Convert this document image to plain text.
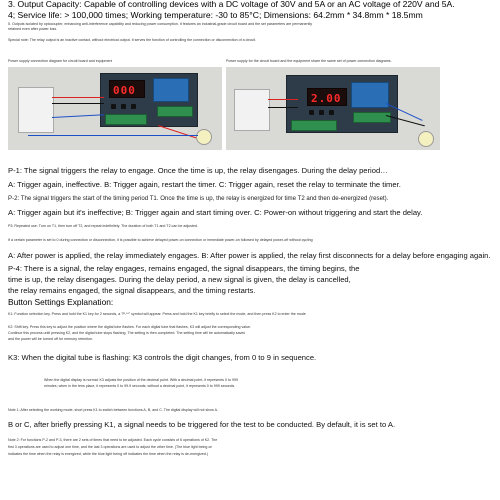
3. Output Capacity: Capable of controlling devices with a DC voltage of 30V and 5A or an AC voltage of 220V and 5A.
4; Service life: > 100,000 times; Working temperature: -30 to 85°C; Dimensions: 64.2mm * 34.8mm * 18.5mm
5. Outputs isolated by optocoupler, enhancing anti-interference capability and reducing power consumption. It features an industrial-grade circuit board and the set parameters are permanently
retained even after power loss.
Special note: The relay output is an inactive contact, without electrical output. It serves the function of controlling the connection or disconnection of a circuit.
Power supply connection diagram for circuit board and equipment	Power supply for the circuit board and the equipment share the same set of power connection diagrams.
000
2.00
P-1: The signal triggers the relay to engage. Once the time is up, the relay disengages. During the delay period…
A: Trigger again, ineffective. B: Trigger again, restart the timer. C: Trigger again, reset the relay to terminate the timer.
P-2: The signal triggers the start of the timing period T1. Once the time is up, the relay is energized for time T2 and then de-energized (reset).
A: Trigger again but it's ineffective; B: Trigger again and start timing over. C: Power-on without triggering and start the delay.
P3: Repeated use: Turn on T1, then turn off T2, and repeat indefinitely. The duration of both T1 and T2 can be adjusted.
If a certain parameter is set to 0 during connection or disconnection, it is possible to achieve delayed power-on connection or immediate power-on followed by delayed power-off without cycling
A: After power is applied, the relay immediately engages. B: After power is applied, the relay first disconnects for a delay before engaging again.
P-4: There is a signal, the relay engages, remains engaged, the signal disappears, the timing begins, the
time is up, the relay disengages. During the delay period, a new signal is given, the delay is cancelled,
the relay remains engaged, the signal disappears, and the timing restarts.
Button Settings Explanation:
K1: Function selection key. Press and hold the K1 key for 2 seconds, a "P-**" symbol will appear. Press and hold the K1 key briefly to select the mode, and then press K2 to enter the mode
K2: Shift key. Press this key to adjust the position where the digital tube flashes. For each digital tube that flashes, K3 will adjust the corresponding value.
Continue this process until pressing K2, and the digital tube stops flashing. The setting is then completed. The setting time will be automatically saved
and the power will be turned off for memory retention.
K3: When the digital tube is flashing: K3 controls the digit changes, from 0 to 9 in sequence.
When the digital display is normal: K3 adjusts the position of the decimal point. With a decimal point, it represents 0 to 999
minutes; when in the tens place, it represents 0 to 99.9 seconds; without a decimal point, it represents 0 to 999 seconds.
Note 1: After selecting the working mode, short press K1 to switch between functions A, B, and C. The digital display will not show A.
B or C, after briefly pressing K1, a signal needs to be triggered for the test to be conducted. By default, it is set to A.
Note 2: For functions P-2 and P-3, there are 2 sets of times that need to be adjusted. Each cycle consists of 6 operations of K2. The
first 3 operations are used to adjust one time, and the last 3 operations are used to adjust the other time. (The blue light being on
indicates the time when the relay is energized, while the blue light being off indicates the time when the relay is de-energized.)
